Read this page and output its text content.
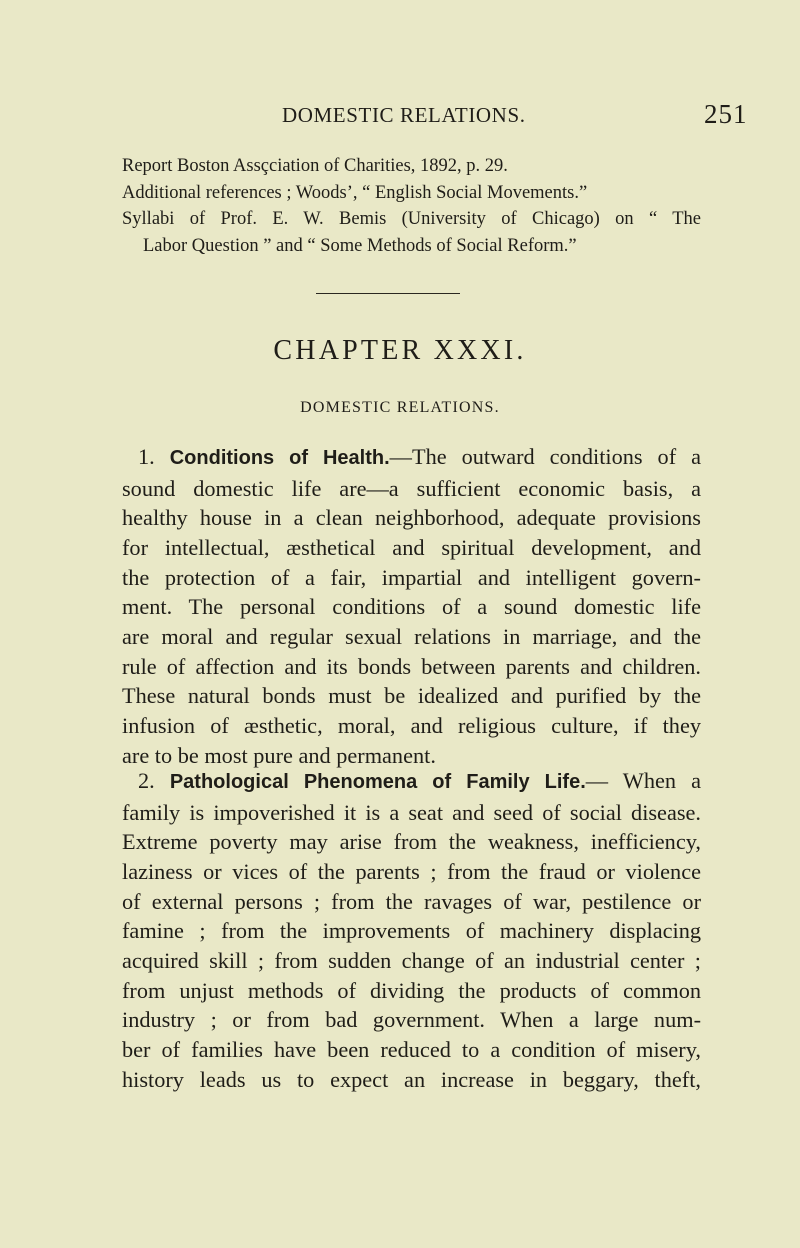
DOMESTIC RELATIONS.	251
Report Boston Assçciation of Charities, 1892, p. 29.
Additional references ; Woods’, “ English Social Movements.”
Syllabi of Prof. E. W. Bemis (University of Chicago) on “ The
Labor Question ” and “ Some Methods of Social Reform.”
CHAPTER XXXI.
DOMESTIC RELATIONS.
1. Conditions of Health.—The outward conditions of a
sound domestic life are—a sufficient economic basis, a
healthy house in a clean neighborhood, adequate provisions
for intellectual, æsthetical and spiritual development, and
the protection of a fair, impartial and intelligent govern-
ment. The personal conditions of a sound domestic life
are moral and regular sexual relations in marriage, and the
rule of affection and its bonds between parents and children.
These natural bonds must be idealized and purified by the
infusion of æsthetic, moral, and religious culture, if they
are to be most pure and permanent.
2. Pathological Phenomena of Family Life.— When a
family is impoverished it is a seat and seed of social disease.
Extreme poverty may arise from the weakness, inefficiency,
laziness or vices of the parents ; from the fraud or violence
of external persons ; from the ravages of war, pestilence or
famine ; from the improvements of machinery displacing
acquired skill ; from sudden change of an industrial center ;
from unjust methods of dividing the products of common
industry ; or from bad government. When a large num-
ber of families have been reduced to a condition of misery,
history leads us to expect an increase in beggary, theft,
